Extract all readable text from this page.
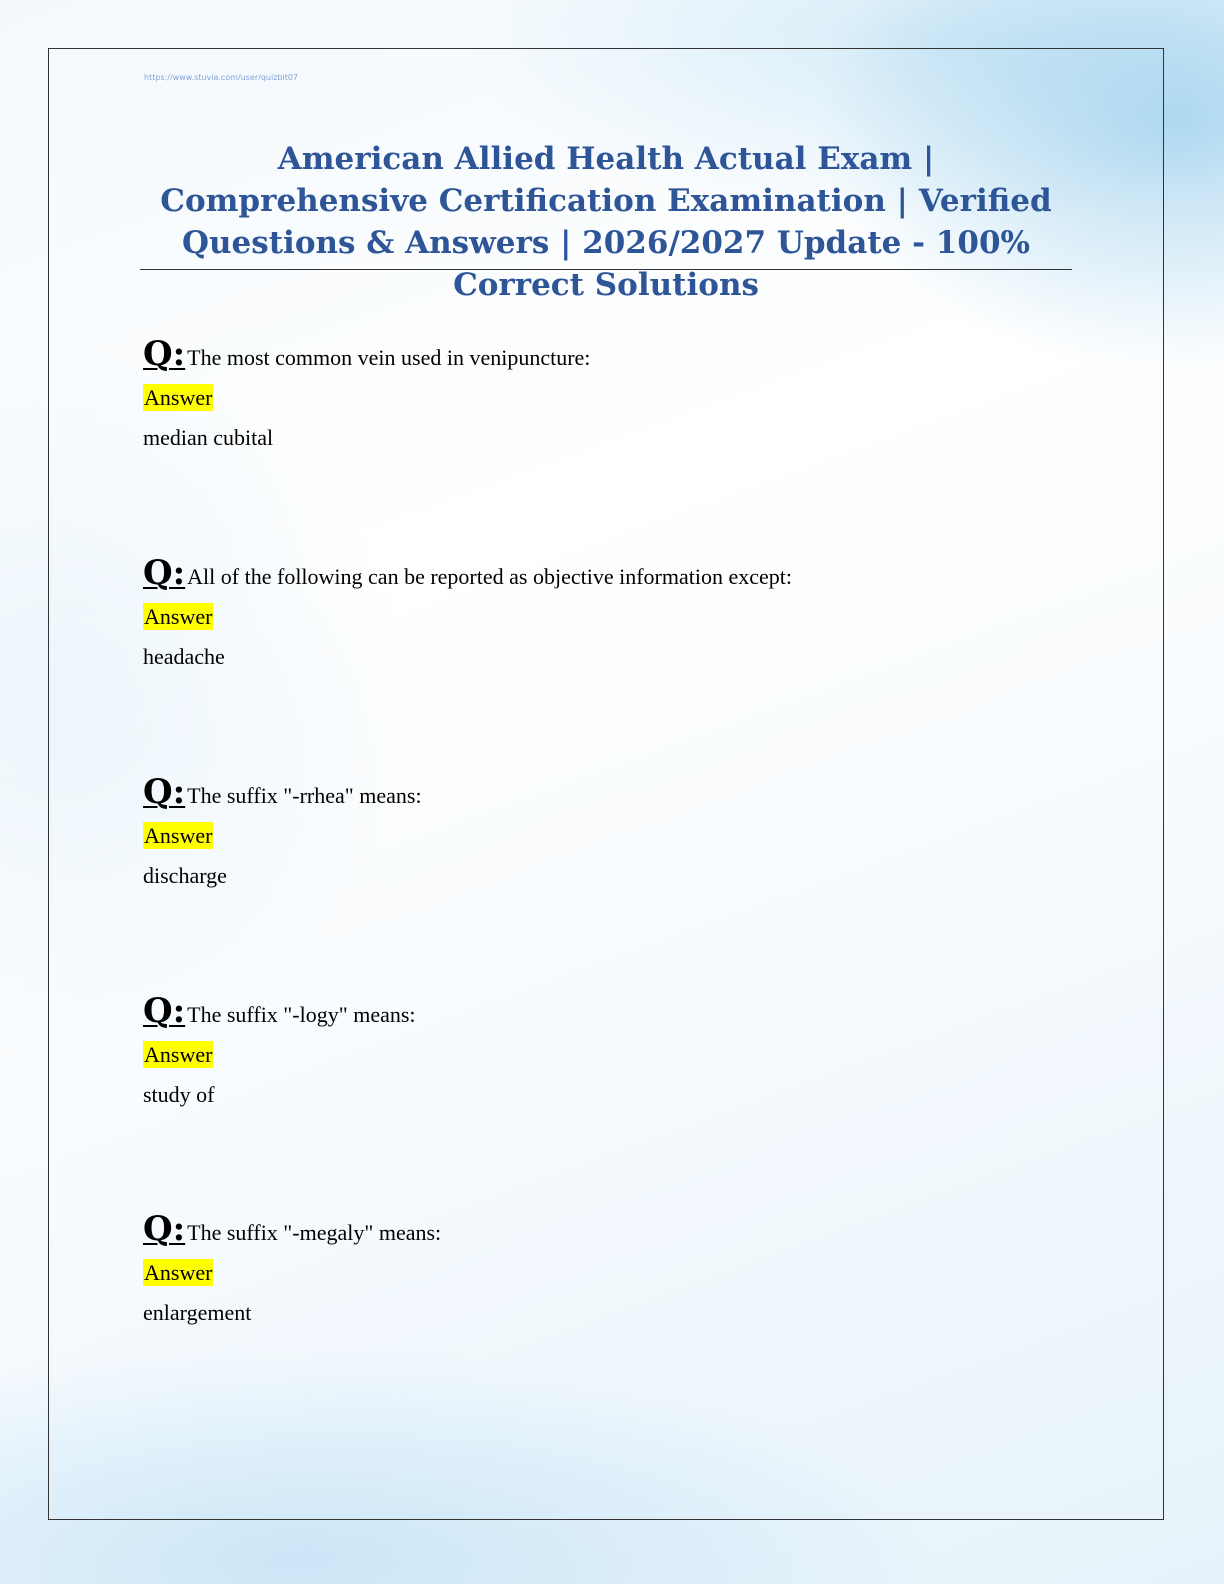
https://www.stuvia.com/user/quizbit07
American Allied Health Actual Exam | Comprehensive Certification Examination | Verified Questions & Answers | 2026/2027 Update - 100% Correct Solutions
Q: The most common vein used in venipuncture:
Answer
median cubital
Q: All of the following can be reported as objective information except:
Answer
headache
Q: The suffix "-rrhea" means:
Answer
discharge
Q: The suffix "-logy" means:
Answer
study of
Q: The suffix "-megaly" means:
Answer
enlargement
